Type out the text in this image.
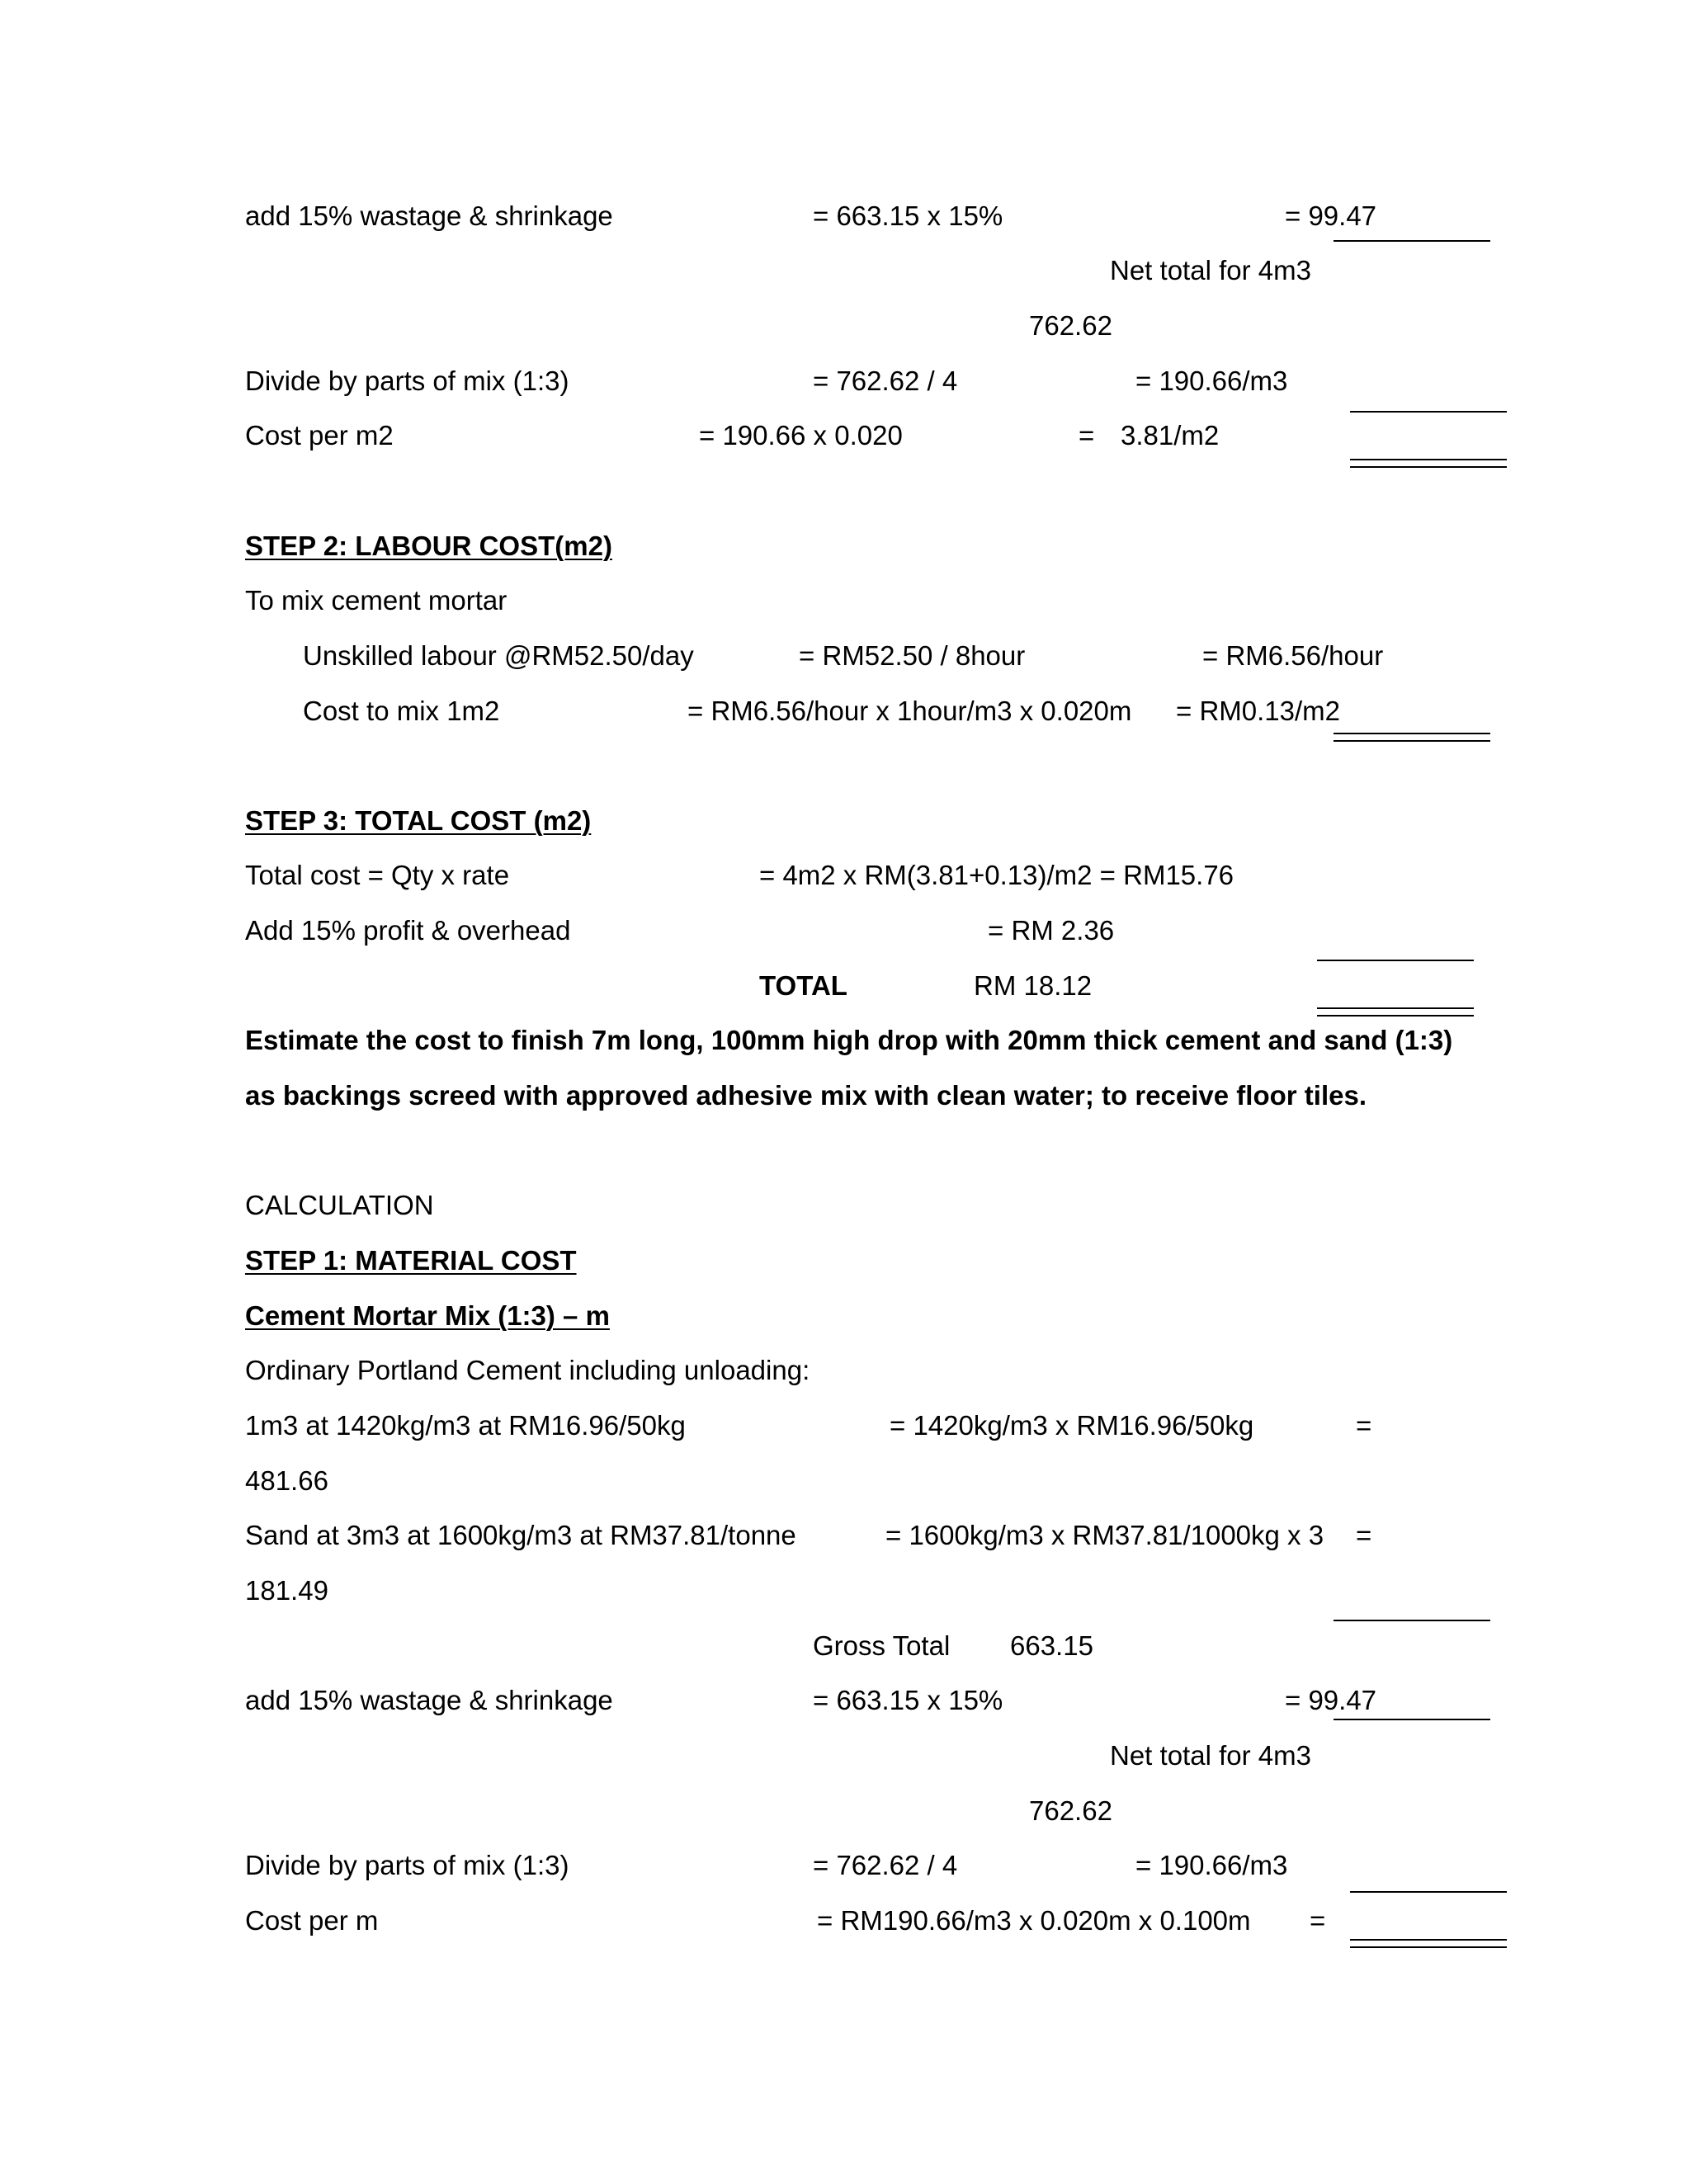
add 15% wastage & shrinkage	= 663.15 x 15%	= 99.47
Net total for 4m3
762.62
Divide by parts of mix (1:3)	= 762.62 / 4	= 190.66/m3
Cost per m2	= 190.66 x 0.020	= 3.81/m2
STEP 2: LABOUR COST(m2)
To mix cement mortar
Unskilled labour @RM52.50/day	= RM52.50 / 8hour	= RM6.56/hour
Cost to mix 1m2	= RM6.56/hour x 1hour/m3 x 0.020m = RM0.13/m2
STEP 3: TOTAL COST (m2)
Total cost = Qty x rate	= 4m2 x RM(3.81+0.13)/m2 = RM15.76
Add 15% profit & overhead	= RM 2.36
TOTAL	RM 18.12
Estimate the cost to finish 7m long, 100mm high drop with 20mm thick cement and sand (1:3)
as backings screed with approved adhesive mix with clean water; to receive floor tiles.
CALCULATION
STEP 1: MATERIAL COST
Cement Mortar Mix (1:3) – m
Ordinary Portland Cement including unloading:
1m3 at 1420kg/m3 at RM16.96/50kg	= 1420kg/m3 x RM16.96/50kg	=
481.66
Sand at 3m3 at 1600kg/m3 at RM37.81/tonne	= 1600kg/m3 x RM37.81/1000kg x 3 =
181.49
Gross Total 663.15
add 15% wastage & shrinkage	= 663.15 x 15%	= 99.47
Net total for 4m3
762.62
Divide by parts of mix (1:3)	= 762.62 / 4	= 190.66/m3
Cost per m	= RM190.66/m3 x 0.020m x 0.100m =
